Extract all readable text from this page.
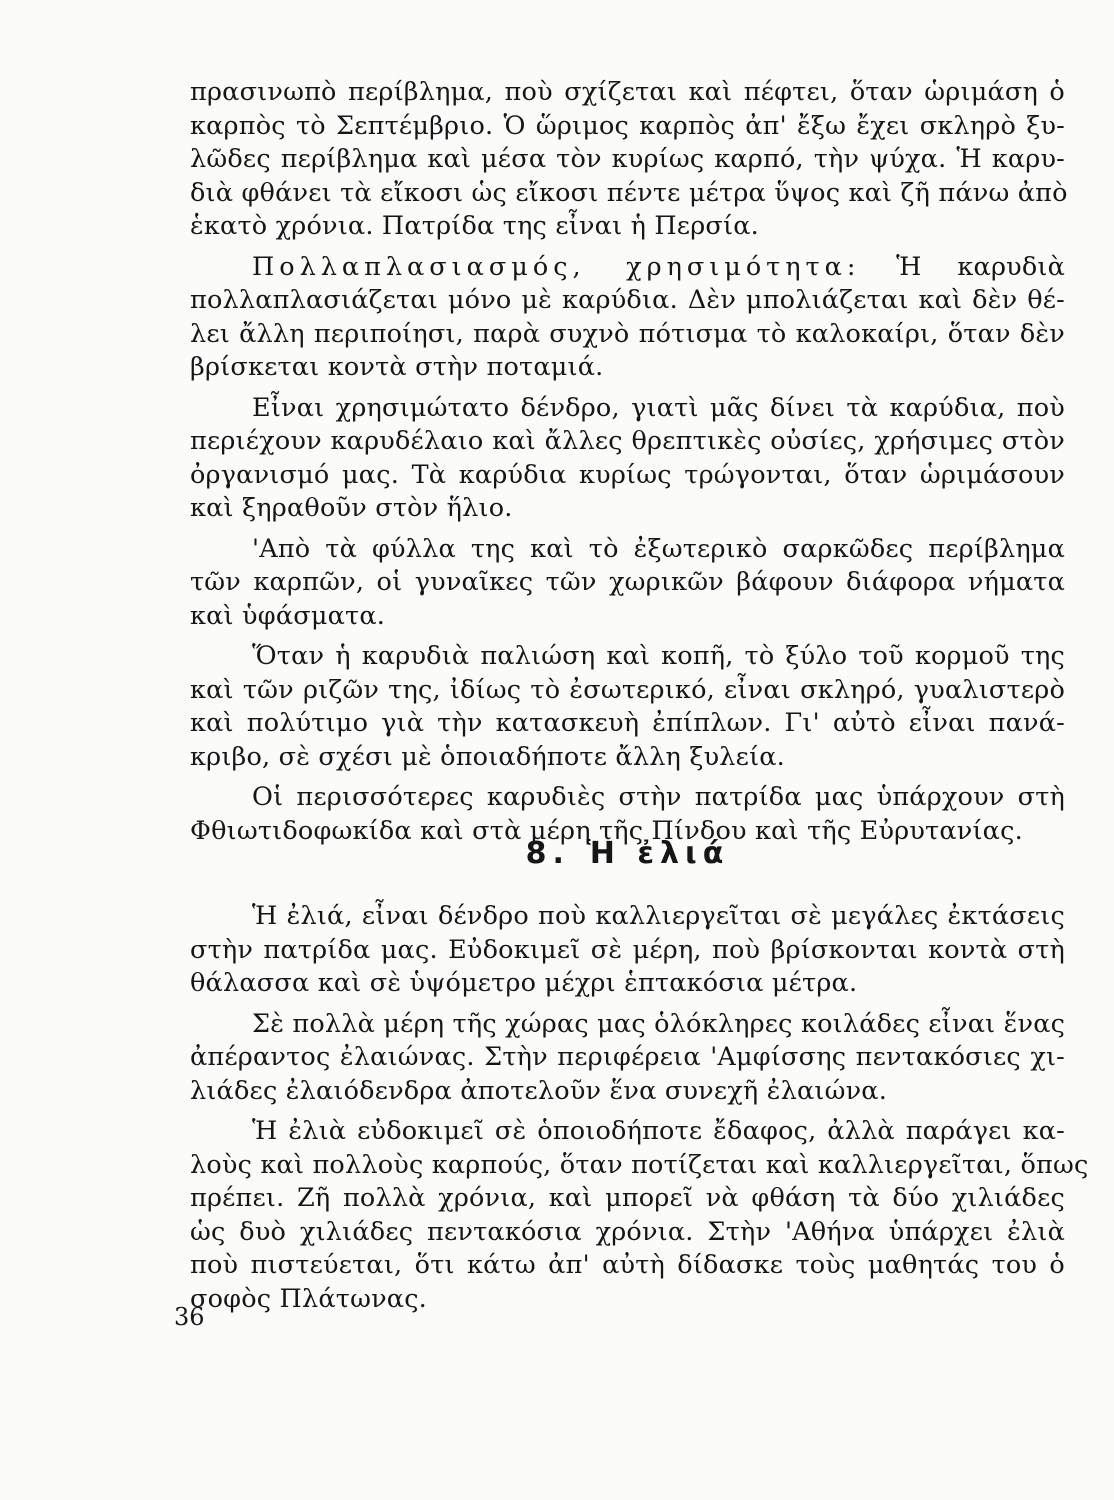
πρασινωπὸ περίβλημα, ποὺ σχίζεται καὶ πέφτει, ὅταν ὡριμάση ὁ
καρπὸς τὸ Σεπτέμβριο. Ὁ ὥριμος καρπὸς ἀπ' ἔξω ἔχει σκληρὸ ξυ-
λῶδες περίβλημα καὶ μέσα τὸν κυρίως καρπό, τὴν ψύχα. Ἡ καρυ-
διὰ φθάνει τὰ εἴκοσι ὡς εἴκοσι πέντε μέτρα ὕψος καὶ ζῆ πάνω ἀπὸ
ἑκατὸ χρόνια. Πατρίδα της εἶναι ἡ Περσία.
Πολλαπλασιασμός, χρησιμότητα: Ἡ καρυδιὰ
πολλαπλασιάζεται μόνο μὲ καρύδια. Δὲν μπολιάζεται καὶ δὲν θέ-
λει ἄλλη περιποίησι, παρὰ συχνὸ πότισμα τὸ καλοκαίρι, ὅταν δὲν
βρίσκεται κοντὰ στὴν ποταμιά.
Εἶναι χρησιμώτατο δένδρο, γιατὶ μᾶς δίνει τὰ καρύδια, ποὺ
περιέχουν καρυδέλαιο καὶ ἄλλες θρεπτικὲς οὐσίες, χρήσιμες στὸν
ὀργανισμό μας. Τὰ καρύδια κυρίως τρώγονται, ὅταν ὡριμάσουν
καὶ ξηραθοῦν στὸν ἥλιο.
'Απὸ τὰ φύλλα της καὶ τὸ ἐξωτερικὸ σαρκῶδες περίβλημα
τῶν καρπῶν, οἱ γυναῖκες τῶν χωρικῶν βάφουν διάφορα νήματα
καὶ ὑφάσματα.
Ὅταν ἡ καρυδιὰ παλιώση καὶ κοπῆ, τὸ ξύλο τοῦ κορμοῦ της
καὶ τῶν ριζῶν της, ἰδίως τὸ ἐσωτερικό, εἶναι σκληρό, γυαλιστερὸ
καὶ πολύτιμο γιὰ τὴν κατασκευὴ ἐπίπλων. Γι' αὐτὸ εἶναι πανά-
κριβο, σὲ σχέσι μὲ ὁποιαδήποτε ἄλλη ξυλεία.
Οἱ περισσότερες καρυδιὲς στὴν πατρίδα μας ὑπάρχουν στὴ
Φθιωτιδοφωκίδα καὶ στὰ μέρη τῆς Πίνδου καὶ τῆς Εὐρυτανίας.
8. Ἡ ἐλιά
Ἡ ἐλιά, εἶναι δένδρο ποὺ καλλιεργεῖται σὲ μεγάλες ἐκτάσεις
στὴν πατρίδα μας. Εὐδοκιμεῖ σὲ μέρη, ποὺ βρίσκονται κοντὰ στὴ
θάλασσα καὶ σὲ ὑψόμετρο μέχρι ἑπτακόσια μέτρα.
Σὲ πολλὰ μέρη τῆς χώρας μας ὁλόκληρες κοιλάδες εἶναι ἕνας
ἀπέραντος ἐλαιώνας. Στὴν περιφέρεια 'Αμφίσσης πεντακόσιες χι-
λιάδες ἐλαιόδενδρα ἀποτελοῦν ἕνα συνεχῆ ἐλαιώνα.
Ἡ ἐλιὰ εὐδοκιμεῖ σὲ ὁποιοδήποτε ἔδαφος, ἀλλὰ παράγει κα-
λοὺς καὶ πολλοὺς καρπούς, ὅταν ποτίζεται καὶ καλλιεργεῖται, ὅπως
πρέπει. Ζῆ πολλὰ χρόνια, καὶ μπορεῖ νὰ φθάση τὰ δύο χιλιάδες
ὡς δυὸ χιλιάδες πεντακόσια χρόνια. Στὴν 'Αθήνα ὑπάρχει ἐλιὰ
ποὺ πιστεύεται, ὅτι κάτω ἀπ' αὐτὴ δίδασκε τοὺς μαθητάς του ὁ
σοφὸς Πλάτωνας.
36
